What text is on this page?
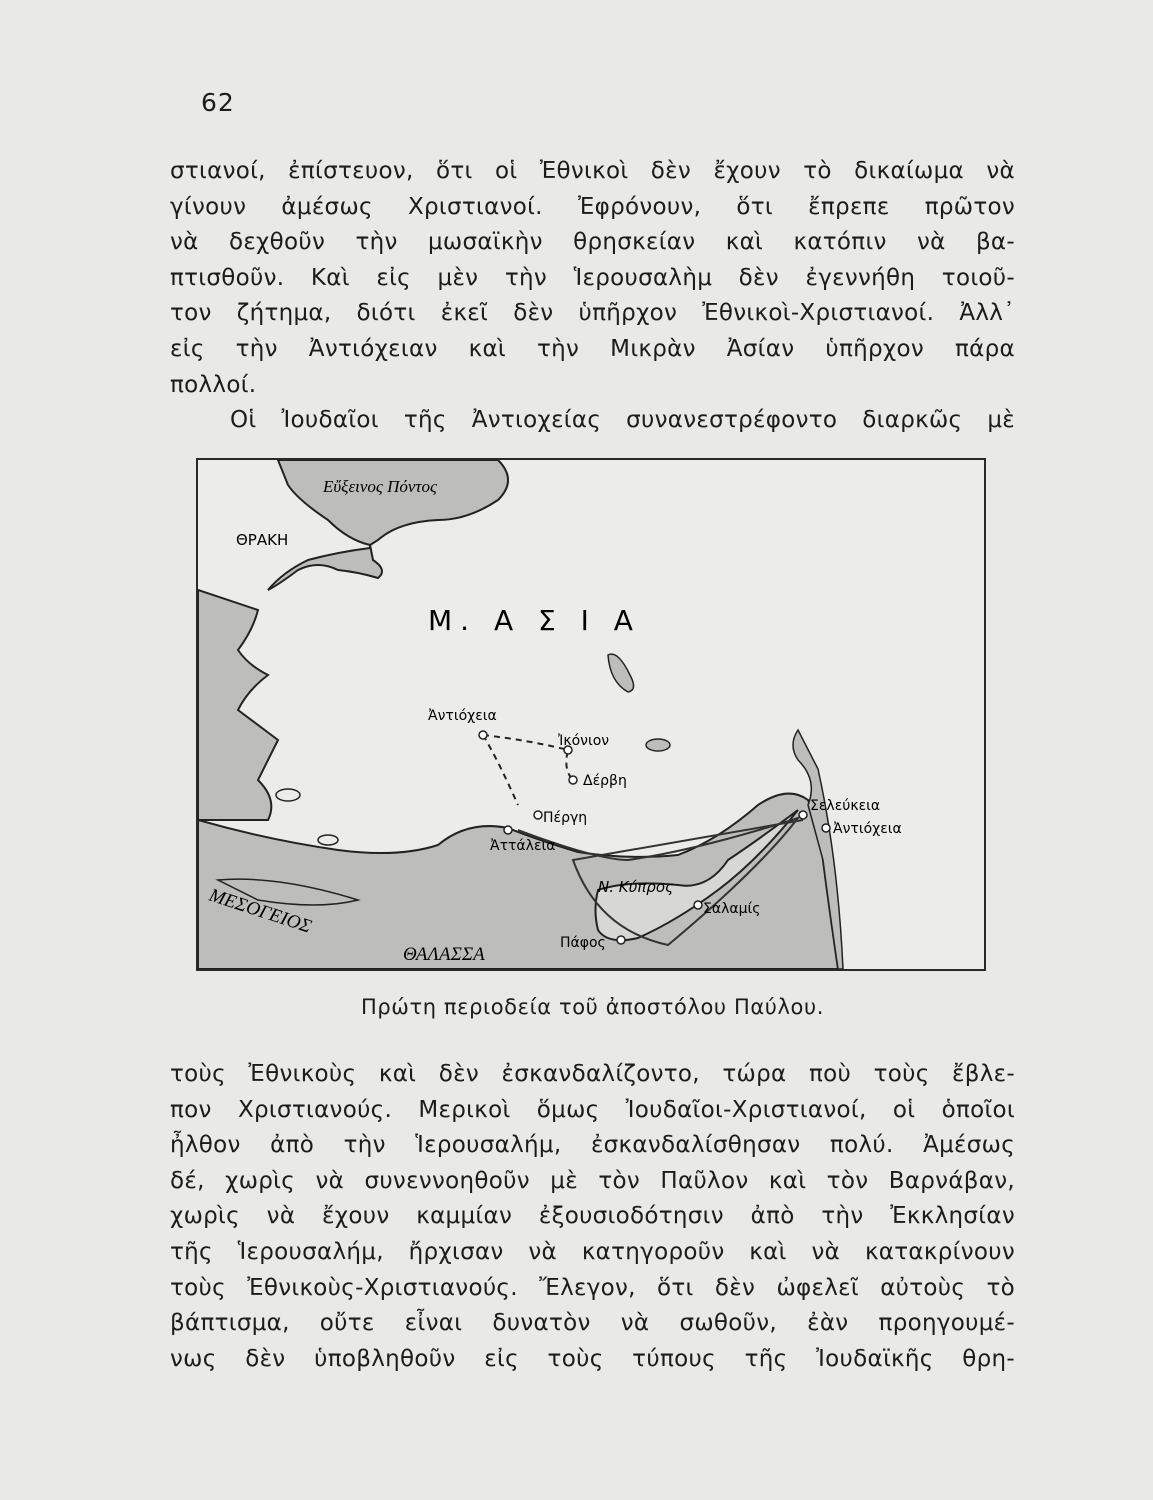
62
στιανοί, ἐπίστευον, ὅτι οἱ Ἐθνικοὶ δὲν ἔχουν τὸ δικαίωμα νὰ
γίνουν ἀμέσως Χριστιανοί. Ἐφρόνουν, ὅτι ἔπρεπε πρῶτον
νὰ δεχθοῦν τὴν μωσαϊκὴν θρησκείαν καὶ κατόπιν νὰ βα-
πτισθοῦν. Καὶ εἰς μὲν τὴν Ἱερουσαλὴμ δὲν ἐγεννήθη τοιοῦ-
τον ζήτημα, διότι ἐκεῖ δὲν ὑπῆρχον Ἐθνικοὶ-Χριστιανοί. Ἀλλ᾽
εἰς τὴν Ἀντιόχειαν καὶ τὴν Μικρὰν Ἀσίαν ὑπῆρχον πάρα
πολλοί.
Οἱ Ἰουδαῖοι τῆς Ἀντιοχείας συνανεστρέφοντο διαρκῶς μὲ
Εὔξεινος Πόντος
ΘΡΑΚΗ
Μ. Α Σ Ι Α
Ἀντιόχεια
Ἰκόνιον
Δέρβη
Πέργη
Ἀττάλεια
Σελεύκεια
Ἀντιόχεια
Ν. Κύπρος
Σαλαμίς
Πάφος
ΜΕΣΟΓΕΙΟΣ
ΘΑΛΑΣΣΑ
Πρώτη περιοδεία τοῦ ἀποστόλου Παύλου.
τοὺς Ἐθνικοὺς καὶ δὲν ἐσκανδαλίζοντο, τώρα ποὺ τοὺς ἔβλε-
πον Χριστιανούς. Μερικοὶ ὅμως Ἰουδαῖοι-Χριστιανοί, οἱ ὁποῖοι
ἦλθον ἀπὸ τὴν Ἱερουσαλήμ, ἐσκανδαλίσθησαν πολύ. Ἀμέσως
δέ, χωρὶς νὰ συνεννοηθοῦν μὲ τὸν Παῦλον καὶ τὸν Βαρνάβαν,
χωρὶς νὰ ἔχουν καμμίαν ἐξουσιοδότησιν ἀπὸ τὴν Ἐκκλησίαν
τῆς Ἱερουσαλήμ, ἤρχισαν νὰ κατηγοροῦν καὶ νὰ κατακρίνουν
τοὺς Ἐθνικοὺς-Χριστιανούς. Ἔλεγον, ὅτι δὲν ὠφελεῖ αὐτοὺς τὸ
βάπτισμα, οὔτε εἶναι δυνατὸν νὰ σωθοῦν, ἐὰν προηγουμέ-
νως δὲν ὑποβληθοῦν εἰς τοὺς τύπους τῆς Ἰουδαϊκῆς θρη-
